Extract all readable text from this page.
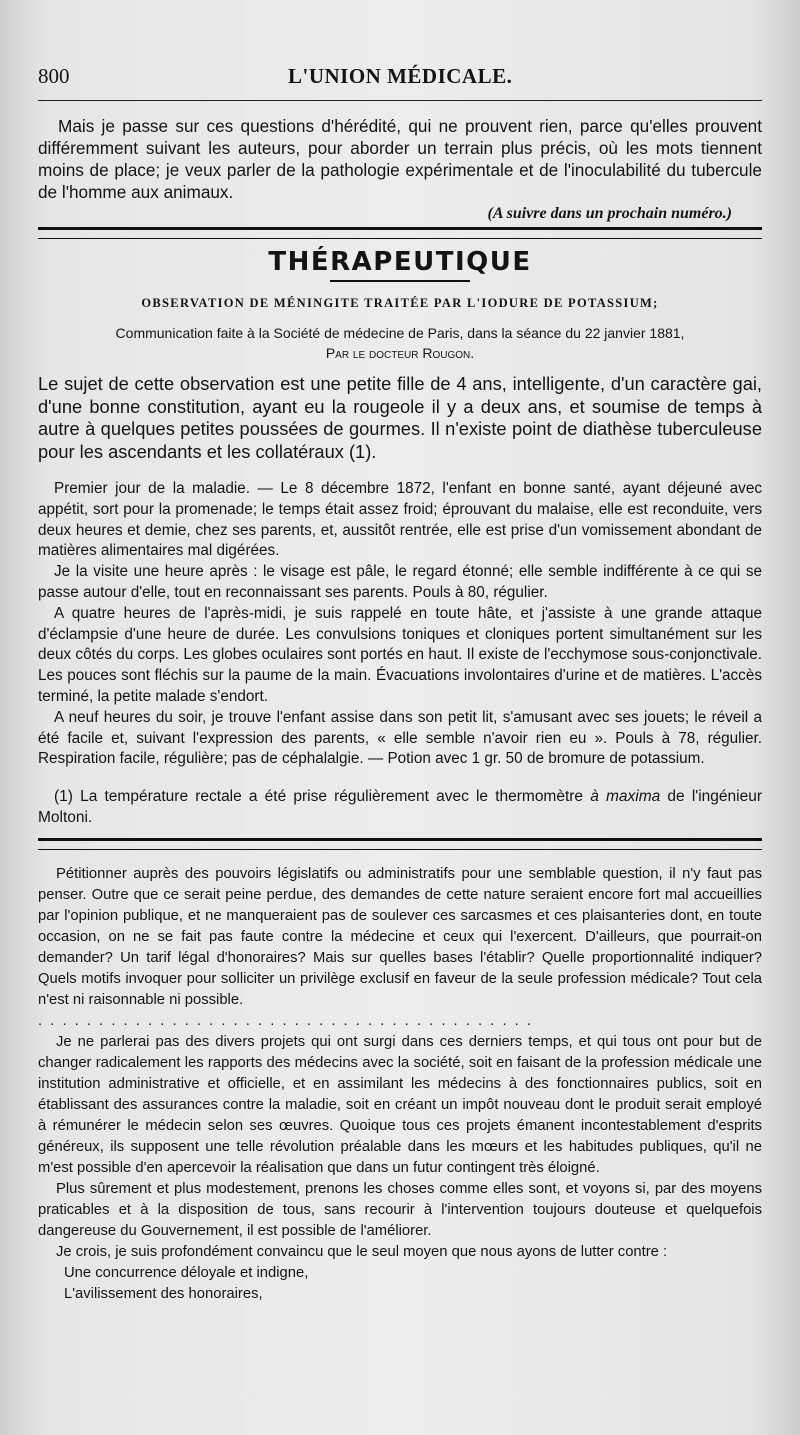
800	L'UNION MÉDICALE.

Mais je passe sur ces questions d'hérédité, qui ne prouvent rien, parce qu'elles prouvent différemment suivant les auteurs, pour aborder un terrain plus précis, où les mots tiennent moins de place; je veux parler de la pathologie expérimentale et de l'inoculabilité du tubercule de l'homme aux animaux.

(A suivre dans un prochain numéro.)

THÉRAPEUTIQUE
OBSERVATION DE MÉNINGITE TRAITÉE PAR L'IODURE DE POTASSIUM;
Communication faite à la Société de médecine de Paris, dans la séance du 22 janvier 1881,
Par le docteur Rougon.

Le sujet de cette observation est une petite fille de 4 ans, intelligente, d'un caractère gai, d'une bonne constitution, ayant eu la rougeole il y a deux ans, et soumise de temps à autre à quelques petites poussées de gourmes. Il n'existe point de diathèse tuberculeuse pour les ascendants et les collatéraux (1).

Premier jour de la maladie. — Le 8 décembre 1872, l'enfant en bonne santé, ayant déjeuné avec appétit, sort pour la promenade; le temps était assez froid; éprouvant du malaise, elle est reconduite, vers deux heures et demie, chez ses parents, et, aussitôt rentrée, elle est prise d'un vomissement abondant de matières alimentaires mal digérées.

Je la visite une heure après : le visage est pâle, le regard étonné; elle semble indifférente à ce qui se passe autour d'elle, tout en reconnaissant ses parents. Pouls à 80, régulier.

A quatre heures de l'après-midi, je suis rappelé en toute hâte, et j'assiste à une grande attaque d'éclampsie d'une heure de durée. Les convulsions toniques et cloniques portent simultanément sur les deux côtés du corps. Les globes oculaires sont portés en haut. Il existe de l'ecchymose sous-conjonctivale. Les pouces sont fléchis sur la paume de la main. Évacuations involontaires d'urine et de matières. L'accès terminé, la petite malade s'endort.

A neuf heures du soir, je trouve l'enfant assise dans son petit lit, s'amusant avec ses jouets; le réveil a été facile et, suivant l'expression des parents, « elle semble n'avoir rien eu ». Pouls à 78, régulier. Respiration facile, régulière; pas de céphalalgie. — Potion avec 1 gr. 50 de bromure de potassium.

(1) La température rectale a été prise régulièrement avec le thermomètre à maxima de l'ingénieur Moltoni.

Pétitionner auprès des pouvoirs législatifs ou administratifs pour une semblable question, il n'y faut pas penser. Outre que ce serait peine perdue, des demandes de cette nature seraient encore fort mal accueillies par l'opinion publique, et ne manqueraient pas de soulever ces sarcasmes et ces plaisanteries dont, en toute occasion, on ne se fait pas faute contre la médecine et ceux qui l'exercent. D'ailleurs, que pourrait-on demander? Un tarif légal d'honoraires? Mais sur quelles bases l'établir? Quelle proportionnalité indiquer? Quels motifs invoquer pour solliciter un privilège exclusif en faveur de la seule profession médicale? Tout cela n'est ni raisonnable ni possible.

. . . . . . . . . . . . . . . . . . . . . . . . . . . . . . . . . . . . . . . . .

Je ne parlerai pas des divers projets qui ont surgi dans ces derniers temps, et qui tous ont pour but de changer radicalement les rapports des médecins avec la société, soit en faisant de la profession médicale une institution administrative et officielle, et en assimilant les médecins à des fonctionnaires publics, soit en établissant des assurances contre la maladie, soit en créant un impôt nouveau dont le produit serait employé à rémunérer le médecin selon ses œuvres. Quoique tous ces projets émanent incontestablement d'esprits généreux, ils supposent une telle révolution préalable dans les mœurs et les habitudes publiques, qu'il ne m'est possible d'en apercevoir la réalisation que dans un futur contingent très éloigné.

Plus sûrement et plus modestement, prenons les choses comme elles sont, et voyons si, par des moyens praticables et à la disposition de tous, sans recourir à l'intervention toujours douteuse et quelquefois dangereuse du Gouvernement, il est possible de l'améliorer.

Je crois, je suis profondément convaincu que le seul moyen que nous ayons de lutter contre :

Une concurrence déloyale et indigne,
L'avilissement des honoraires,
